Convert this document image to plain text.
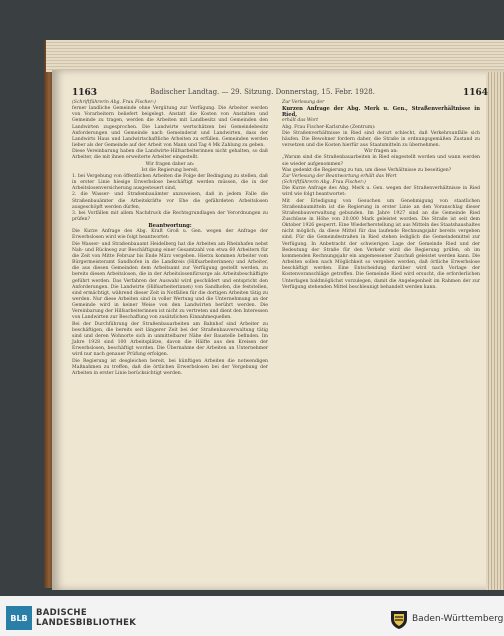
1163	Badischer Landtag. — 29. Sitzung. Donnerstag, 15. Febr. 1928.	1164

(Schriftführerin Abg. Frau Fischer:)

ferner landliche Gemeinde ohne Vergütung zur Verfügung. Die Arbeiter werden von Vorarbeitern beliefert beigelegt. Anstatt die Kosten von Anstalten und Gemeinde zu tragen, werden die Arbeiten mit Landbesitz und Gemeinden den Landwirten zugesprochen. Die Landwirte wertschätzen bei Gemeindebesitz Anforderungen und Gemeinde nach Gemeinderat und Landwirten, dass der Landwirts Haus und Landwirtschaftliche Arbeiten zu erfüllen. Gemeinden werden lieber als der Gemeinde auf der Arbeit von Mann und Tag 4 Mk Zahlung zu geben.

Diese Vereinbarung haben die Landwirte-Hilfsarbeiterinnen nicht gehalten, so daß Arbeiter, die mit ihnen erweiterte Arbeiter eingestellt.

Wir fragen daher an:

Ist die Regierung bereit,

1. bei Vergebung von öffentlichen Arbeiten die Folge der Bedingung zu stellen, daß in erster Linie hiesige Erwerbslose beschäftigt werden müssen, die in der Arbeitslosenversicherung ausgesteuert sind,

2. die Wasser- und Straßenbauämter anzuweisen, daß in jedem Falle die Straßenbauämter die Arbeitskräfte vor Ehe die gefährdeten Arbeitslosen ausgeschöpft werden dürfen,

3. bei Vorfällen mit allem Nachdruck die Rechtsgrundlagen der Verordnungen zu prüfen?

Beantwortung:

Die Kurze Anfrage des Abg. Kraft Groß u. Gen. wegen der Anfrage der Erwerbslosen wird wie folgt beantwortet:

Die Wasser- und Straßenbauamt Heidelberg hat die Arbeiten am Rheinhafen nebst Nah- und Rückweg zur Beschäftigung einer Gesamtzahl von etwa 60 Arbeitern für die Zeit von Mitte Februar bis Ende März vergeben. Hierzu kommen Arbeiter vom Bürgermeisteramt Sandhofen in die Landkreis (Hilfsarbeiterinnen) und Arbeiter, die aus diesen Gemeinden dem Arbeitsamt zur Verfügung gestellt werden, zu bereits diesen Arbeitslosen, die in der Arbeitslosenfürsorge als Arbeitsbeschäftigte geführt werden. Das Verfahren der Auswahl wird geschildert und entspricht den Anforderungen. Die Landwirte (Hilfsarbeiterinnen) von Sandhofen, die feststellen, sind ermächtigt, während dieser Zeit in Notfällen für die dortigen Arbeiten tätig zu werden. Nur diese Arbeiten sind in voller Wertung und die Unternehmung an der Gemeinde wird in keiner Weise von den Landwirten berührt werden. Die Vereinbarung der Hilfsarbeiterinnen ist nicht zu vertreten und dient den Interessen von Landwirten zur Beschaffung von zusätzlichen Einnahmequellen.

Bei der Durchführung der Straßenbauarbeiten am Bahnhof sind Arbeiter zu beschäftigen, die bereits seit längerer Zeit bei der Straßenbauverwaltung tätig sind und deren Wohnorte sich in unmittelbarer Nähe der Baustelle befinden. Im Jahre 1928 sind 100 Arbeitsplätze, davon die Hälfte aus den Kreisen der Erwerbslosen, beschäftigt worden. Die Übernahme der Arbeiten an Unternehmer wird nur nach genauer Prüfung erfolgen.

Die Regierung ist desgleichen bereit, bei künftigen Arbeiten die notwendigen Maßnahmen zu treffen, daß die örtlichen Erwerbslosen bei der Vergebung der Arbeiten in erster Linie berücksichtigt werden.

Zur Verlesung der

Kurzen Anfrage der Abg. Merk u. Gen., Straßenverhältnisse in Ried,

erhält das Wort

Abg. Frau Fischer-Karlsruhe (Zentrum):

Die Straßenverhältnisse in Ried sind derart schlecht, daß Verkehrsunfälle sich häufen. Die Bewohner fordern daher, die Straße in ordnungsgemäßen Zustand zu versetzen und die Kosten hierfür aus Staatsmitteln zu übernehmen.

Wir fragen an:

„Warum sind die Straßenbauarbeiten in Ried eingestellt worden und wann werden sie wieder aufgenommen?

Was gedenkt die Regierung zu tun, um diese Verhältnisse zu beseitigen?

Zur Verlesung der Beantwortung erhält das Wort

(Schriftführerin Abg. Frau Fischer:)

Die Kurze Anfrage des Abg. Merk u. Gen. wegen der Straßenverhältnisse in Ried wird wie folgt beantwortet:

Mit der Erledigung von Gesuchen um Genehmigung von staatlichen Straßenbaumitteln ist die Regierung in erster Linie an den Voranschlag dieser Straßenbauverwaltung gebunden. Im Jahre 1927 sind an die Gemeinde Ried Zuschüsse in Höhe von 20.000 Mark geleistet worden. Die Straße ist seit dem Oktober 1926 gesperrt. Eine Wiederherstellung ist aus Mitteln des Staatshaushaltes nicht möglich, da diese Mittel für das laufende Rechnungsjahr bereits vergeben sind. Für die Gemeindestraßen in Ried stehen lediglich die Gemeindemittel zur Verfügung. In Anbetracht der schwierigen Lage der Gemeinde Ried und der Bedeutung der Straße für den Verkehr wird die Regierung prüfen, ob im kommenden Rechnungsjahr ein angemessener Zuschuß geleistet werden kann. Die Arbeiten sollen nach Möglichkeit so vergeben werden, daß örtliche Erwerbslose beschäftigt werden. Eine Entscheidung darüber wird nach Vorlage der Kostenvoranschläge getroffen. Die Gemeinde Ried wird ersucht, die erforderlichen Unterlagen baldmöglichst vorzulegen, damit die Angelegenheit im Rahmen der zur Verfügung stehenden Mittel beschleunigt behandelt werden kann.

BLB BADISCHE
LANDESBIBLIOTHEK	Baden-Württemberg
